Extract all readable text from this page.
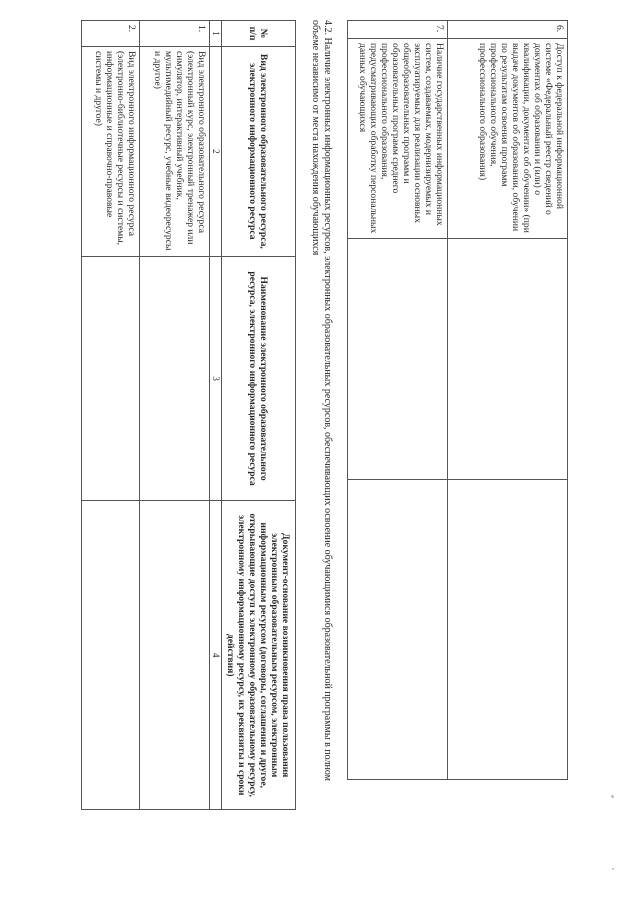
6.	Доступ к федеральной информационной системе «Федеральный реестр сведений о документах об образовании и (или) о квалификации, документах об обучении» (при выдаче документов об образовании, обучении по результатам освоения программ профессионального обучения, профессионального образования)		
7.	Наличие государственных информационных систем, создаваемых, модернизируемых и эксплуатируемых для реализации основных общеобразовательных программ и образовательных программ среднего профессионального образования, предусматривающих обработку персональных данных обучающихся		
4.2. Наличие электронных информационных ресурсов, электронных образовательных ресурсов, обеспечивающих освоение обучающимися образовательной программы в полном объеме независимо от места нахождения обучающихся
№ п/п	Вид электронного образовательного ресурса, электронного информационного ресурса	Наименование электронного образовательного ресурса, электронного информационного ресурса	Документ-основание возникновения права пользования электронным образовательным ресурсом, электронным информационным ресурсом (договоры, соглашения и другое, открывающие доступ к электронному образовательному ресурсу, электронному информационному ресурсу, их реквизиты и сроки действия)
1	2	3	4
1.	Вид электронного образовательного ресурса (электронный курс, электронный тренажер или симулятор, интерактивный учебник, мультимедийный ресурс, учебные видеоресурсы и другое)		
2.	Вид электронного информационного ресурса (электронно-библиотечные ресурсы и системы, информационные и справочно-правовые системы и другое)		
